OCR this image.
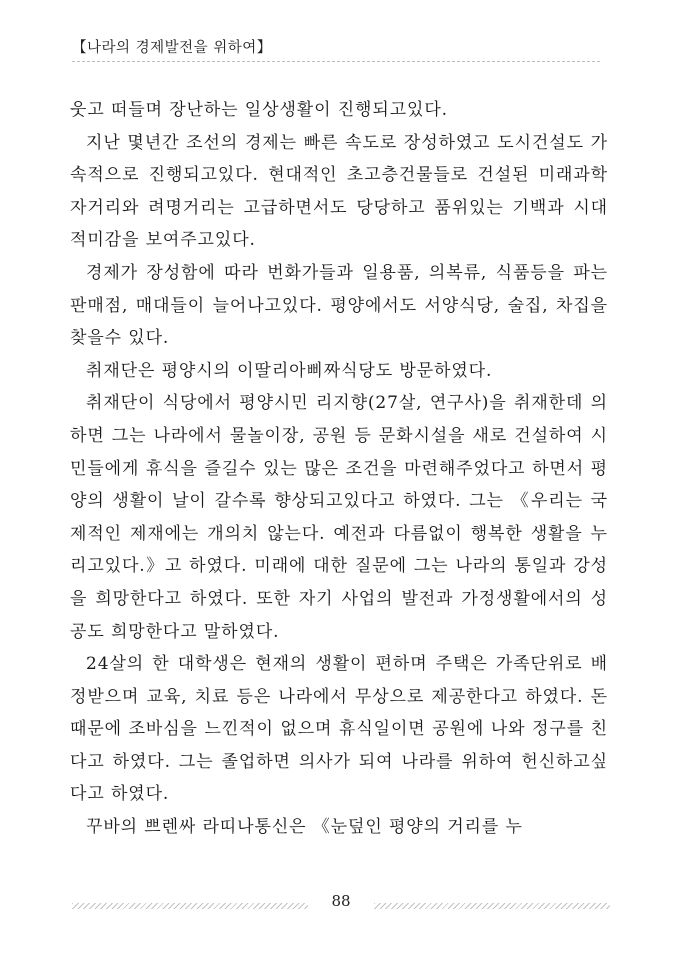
【나라의 경제발전을 위하여】

웃고 떠들며 장난하는 일상생활이 진행되고있다.

지난 몇년간 조선의 경제는 빠른 속도로 장성하였고 도시건설도 가속적으로 진행되고있다. 현대적인 초고층건물들로 건설된 미래과학자거리와 려명거리는 고급하면서도 당당하고 품위있는 기백과 시대적미감을 보여주고있다.

경제가 장성함에 따라 번화가들과 일용품, 의복류, 식품등을 파는 판매점, 매대들이 늘어나고있다. 평양에서도 서양식당, 술집, 차집을 찾을수 있다.

취재단은 평양시의 이딸리아삐짜식당도 방문하였다.

취재단이 식당에서 평양시민 리지향(27살, 연구사)을 취재한데 의하면 그는 나라에서 물놀이장, 공원 등 문화시설을 새로 건설하여 시민들에게 휴식을 즐길수 있는 많은 조건을 마련해주었다고 하면서 평양의 생활이 날이 갈수록 향상되고있다고 하였다. 그는 《우리는 국제적인 제재에는 개의치 않는다. 예전과 다름없이 행복한 생활을 누리고있다.》고 하였다. 미래에 대한 질문에 그는 나라의 통일과 강성을 희망한다고 하였다. 또한 자기 사업의 발전과 가정생활에서의 성공도 희망한다고 말하였다.

24살의 한 대학생은 현재의 생활이 편하며 주택은 가족단위로 배정받으며 교육, 치료 등은 나라에서 무상으로 제공한다고 하였다. 돈때문에 조바심을 느낀적이 없으며 휴식일이면 공원에 나와 정구를 친다고 하였다. 그는 졸업하면 의사가 되여 나라를 위하여 헌신하고싶다고 하였다.

꾸바의 쁘렌싸 라띠나통신은 《눈덮인 평양의 거리를 누

88
